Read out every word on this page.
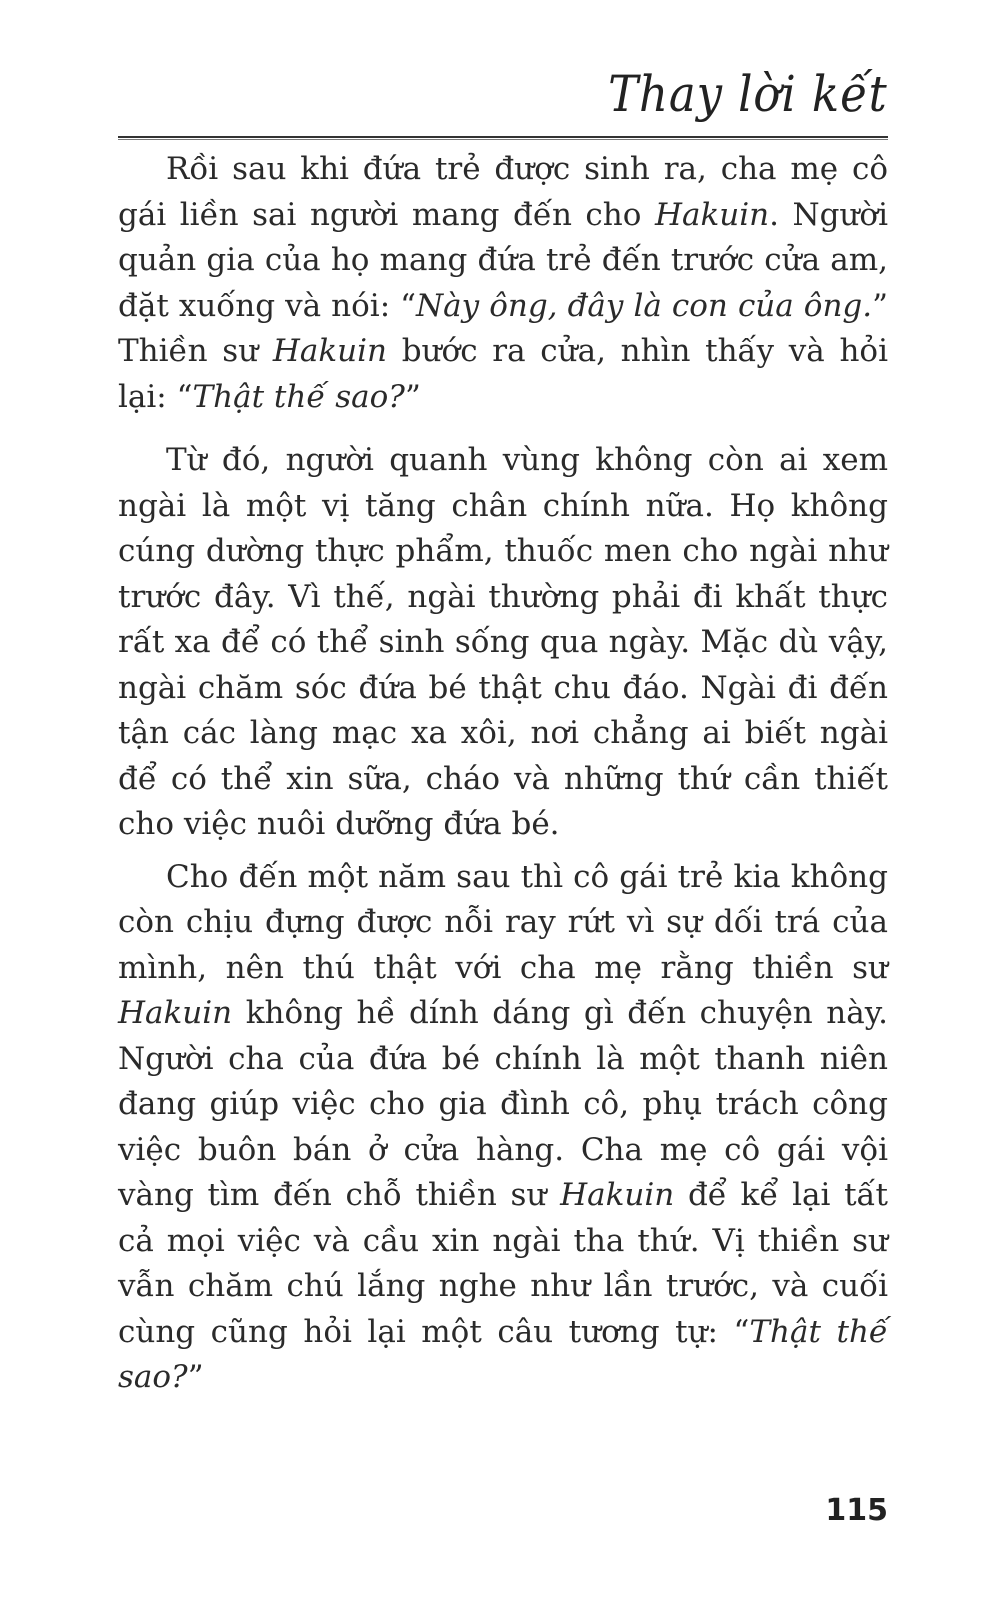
Thay lời kết

Rồi sau khi đứa trẻ được sinh ra, cha mẹ cô gái liền sai người mang đến cho Hakuin. Người quản gia của họ mang đứa trẻ đến trước cửa am, đặt xuống và nói: “Này ông, đây là con của ông.” Thiền sư Hakuin bước ra cửa, nhìn thấy và hỏi lại: “Thật thế sao?”

Từ đó, người quanh vùng không còn ai xem ngài là một vị tăng chân chính nữa. Họ không cúng dường thực phẩm, thuốc men cho ngài như trước đây. Vì thế, ngài thường phải đi khất thực rất xa để có thể sinh sống qua ngày. Mặc dù vậy, ngài chăm sóc đứa bé thật chu đáo. Ngài đi đến tận các làng mạc xa xôi, nơi chẳng ai biết ngài để có thể xin sữa, cháo và những thứ cần thiết cho việc nuôi dưỡng đứa bé.

Cho đến một năm sau thì cô gái trẻ kia không còn chịu đựng được nỗi ray rứt vì sự dối trá của mình, nên thú thật với cha mẹ rằng thiền sư Hakuin không hề dính dáng gì đến chuyện này. Người cha của đứa bé chính là một thanh niên đang giúp việc cho gia đình cô, phụ trách công việc buôn bán ở cửa hàng. Cha mẹ cô gái vội vàng tìm đến chỗ thiền sư Hakuin để kể lại tất cả mọi việc và cầu xin ngài tha thứ. Vị thiền sư vẫn chăm chú lắng nghe như lần trước, và cuối cùng cũng hỏi lại một câu tương tự: “Thật thế sao?”

115
